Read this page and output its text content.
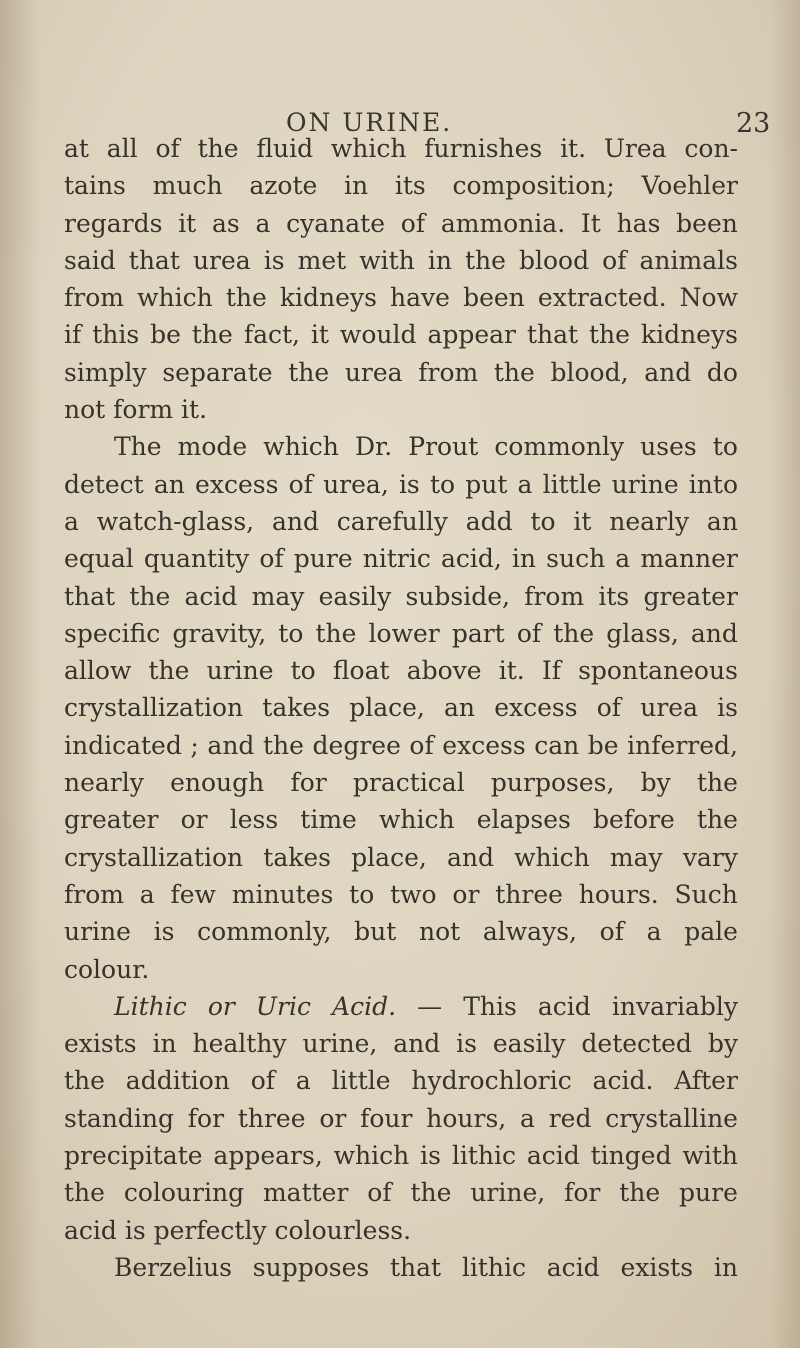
ON URINE.	23
at all of the fluid which furnishes it. Urea con-
tains much azote in its composition; Voehler
regards it as a cyanate of ammonia. It has been
said that urea is met with in the blood of animals
from which the kidneys have been extracted. Now
if this be the fact, it would appear that the kidneys
simply separate the urea from the blood, and do
not form it.
The mode which Dr. Prout commonly uses to
detect an excess of urea, is to put a little urine into
a watch-glass, and carefully add to it nearly an
equal quantity of pure nitric acid, in such a manner
that the acid may easily subside, from its greater
specific gravity, to the lower part of the glass, and
allow the urine to float above it. If spontaneous
crystallization takes place, an excess of urea is
indicated ; and the degree of excess can be inferred,
nearly enough for practical purposes, by the
greater or less time which elapses before the
crystallization takes place, and which may vary
from a few minutes to two or three hours. Such
urine is commonly, but not always, of a pale
colour.
Lithic or Uric Acid. — This acid invariably
exists in healthy urine, and is easily detected by
the addition of a little hydrochloric acid. After
standing for three or four hours, a red crystalline
precipitate appears, which is lithic acid tinged with
the colouring matter of the urine, for the pure
acid is perfectly colourless.
Berzelius supposes that lithic acid exists in
